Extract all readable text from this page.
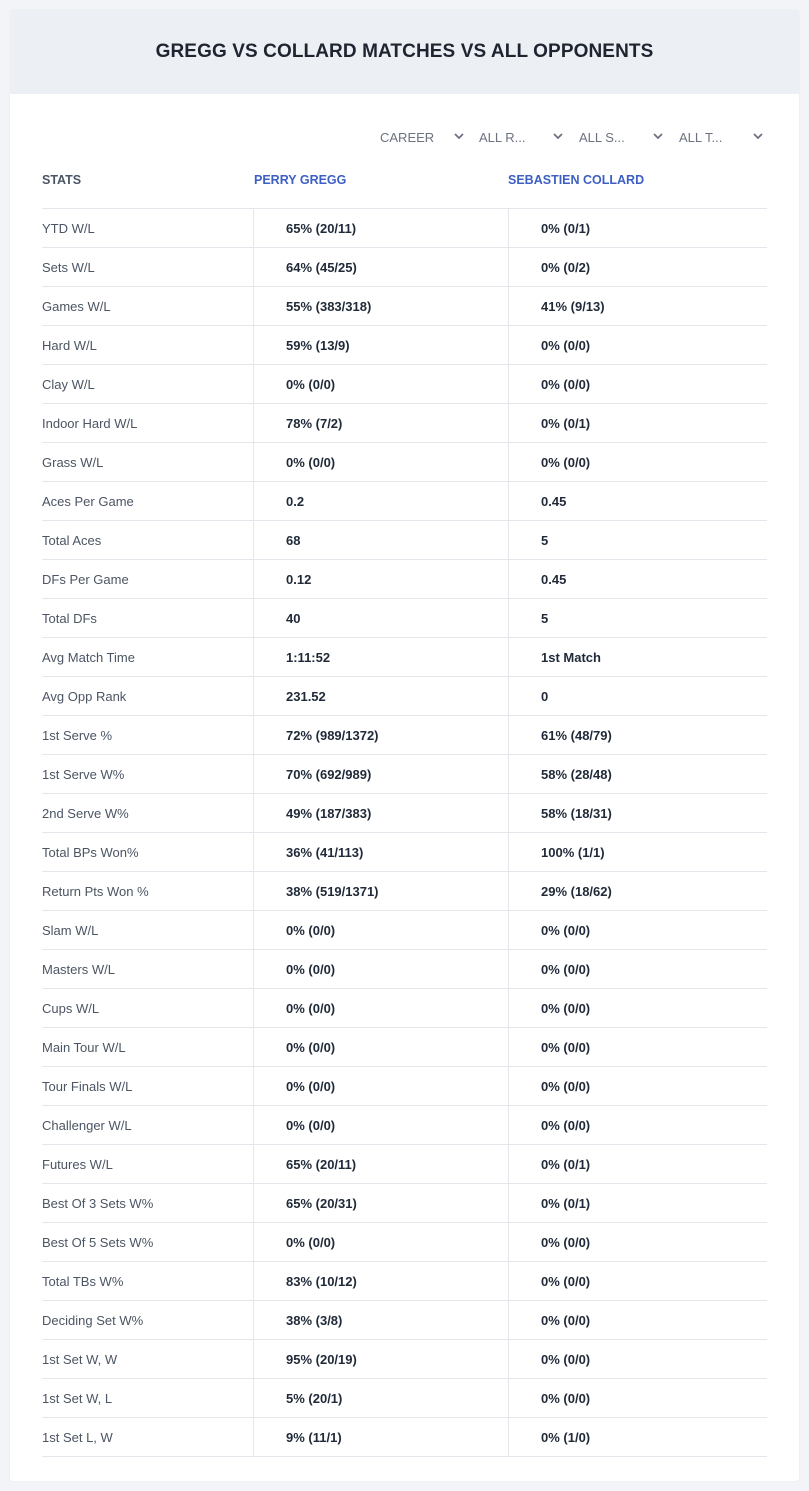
GREGG VS COLLARD MATCHES VS ALL OPPONENTS
CAREER	ALL R...	ALL S...	ALL T...
STATS	PERRY GREGG	SEBASTIEN COLLARD
YTD W/L	65% (20/11)	0% (0/1)
Sets W/L	64% (45/25)	0% (0/2)
Games W/L	55% (383/318)	41% (9/13)
Hard W/L	59% (13/9)	0% (0/0)
Clay W/L	0% (0/0)	0% (0/0)
Indoor Hard W/L	78% (7/2)	0% (0/1)
Grass W/L	0% (0/0)	0% (0/0)
Aces Per Game	0.2	0.45
Total Aces	68	5
DFs Per Game	0.12	0.45
Total DFs	40	5
Avg Match Time	1:11:52	1st Match
Avg Opp Rank	231.52	0
1st Serve %	72% (989/1372)	61% (48/79)
1st Serve W%	70% (692/989)	58% (28/48)
2nd Serve W%	49% (187/383)	58% (18/31)
Total BPs Won%	36% (41/113)	100% (1/1)
Return Pts Won %	38% (519/1371)	29% (18/62)
Slam W/L	0% (0/0)	0% (0/0)
Masters W/L	0% (0/0)	0% (0/0)
Cups W/L	0% (0/0)	0% (0/0)
Main Tour W/L	0% (0/0)	0% (0/0)
Tour Finals W/L	0% (0/0)	0% (0/0)
Challenger W/L	0% (0/0)	0% (0/0)
Futures W/L	65% (20/11)	0% (0/1)
Best Of 3 Sets W%	65% (20/31)	0% (0/1)
Best Of 5 Sets W%	0% (0/0)	0% (0/0)
Total TBs W%	83% (10/12)	0% (0/0)
Deciding Set W%	38% (3/8)	0% (0/0)
1st Set W, W	95% (20/19)	0% (0/0)
1st Set W, L	5% (20/1)	0% (0/0)
1st Set L, W	9% (11/1)	0% (1/0)
